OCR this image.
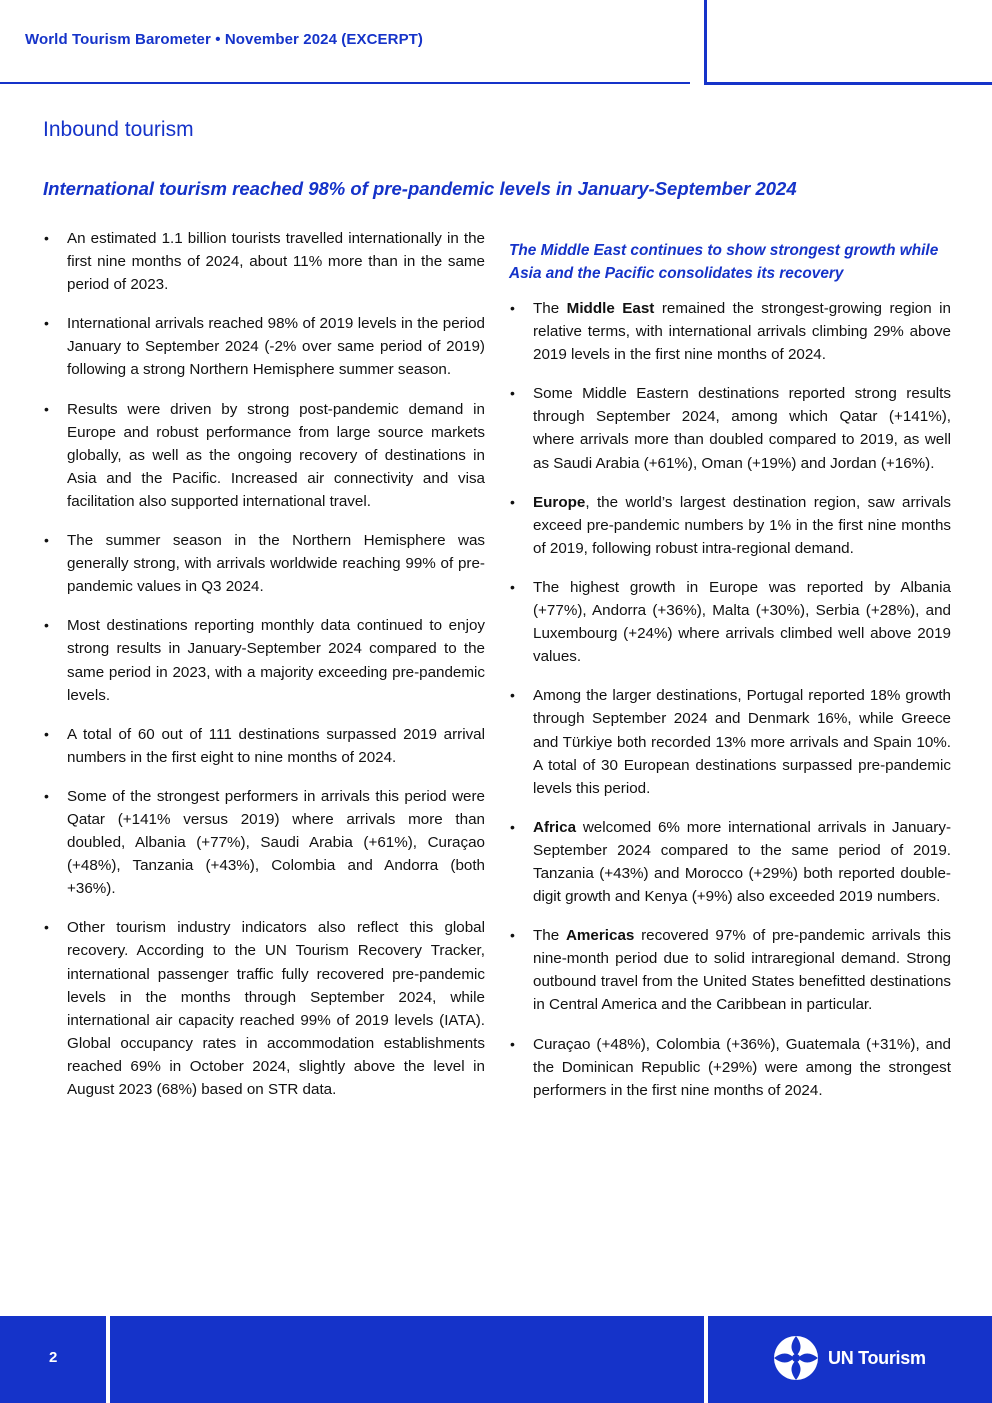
World Tourism Barometer • November 2024 (EXCERPT)
Inbound tourism
International tourism reached 98% of pre-pandemic levels in January-September 2024
• An estimated 1.1 billion tourists travelled internationally in the first nine months of 2024, about 11% more than in the same period of 2023.
• International arrivals reached 98% of 2019 levels in the period January to September 2024 (-2% over same period of 2019) following a strong Northern Hemisphere summer season.
• Results were driven by strong post-pandemic demand in Europe and robust performance from large source markets globally, as well as the ongoing recovery of destinations in Asia and the Pacific. Increased air connectivity and visa facilitation also supported international travel.
• The summer season in the Northern Hemisphere was generally strong, with arrivals worldwide reaching 99% of pre-pandemic values in Q3 2024.
• Most destinations reporting monthly data continued to enjoy strong results in January-September 2024 compared to the same period in 2023, with a majority exceeding pre-pandemic levels.
• A total of 60 out of 111 destinations surpassed 2019 arrival numbers in the first eight to nine months of 2024.
• Some of the strongest performers in arrivals this period were Qatar (+141% versus 2019) where arrivals more than doubled, Albania (+77%), Saudi Arabia (+61%), Curaçao (+48%), Tanzania (+43%), Colombia and Andorra (both +36%).
• Other tourism industry indicators also reflect this global recovery. According to the UN Tourism Recovery Tracker, international passenger traffic fully recovered pre-pandemic levels in the months through September 2024, while international air capacity reached 99% of 2019 levels (IATA). Global occupancy rates in accommodation establishments reached 69% in October 2024, slightly above the level in August 2023 (68%) based on STR data.
The Middle East continues to show strongest growth while Asia and the Pacific consolidates its recovery
• The Middle East remained the strongest-growing region in relative terms, with international arrivals climbing 29% above 2019 levels in the first nine months of 2024.
• Some Middle Eastern destinations reported strong results through September 2024, among which Qatar (+141%), where arrivals more than doubled compared to 2019, as well as Saudi Arabia (+61%), Oman (+19%) and Jordan (+16%).
• Europe, the world’s largest destination region, saw arrivals exceed pre-pandemic numbers by 1% in the first nine months of 2019, following robust intra-regional demand.
• The highest growth in Europe was reported by Albania (+77%), Andorra (+36%), Malta (+30%), Serbia (+28%), and Luxembourg (+24%) where arrivals climbed well above 2019 values.
• Among the larger destinations, Portugal reported 18% growth through September 2024 and Denmark 16%, while Greece and Türkiye both recorded 13% more arrivals and Spain 10%. A total of 30 European destinations surpassed pre-pandemic levels this period.
• Africa welcomed 6% more international arrivals in January-September 2024 compared to the same period of 2019. Tanzania (+43%) and Morocco (+29%) both reported double-digit growth and Kenya (+9%) also exceeded 2019 numbers.
• The Americas recovered 97% of pre-pandemic arrivals this nine-month period due to solid intraregional demand. Strong outbound travel from the United States benefitted destinations in Central America and the Caribbean in particular.
• Curaçao (+48%), Colombia (+36%), Guatemala (+31%), and the Dominican Republic (+29%) were among the strongest performers in the first nine months of 2024.
2	UN Tourism
